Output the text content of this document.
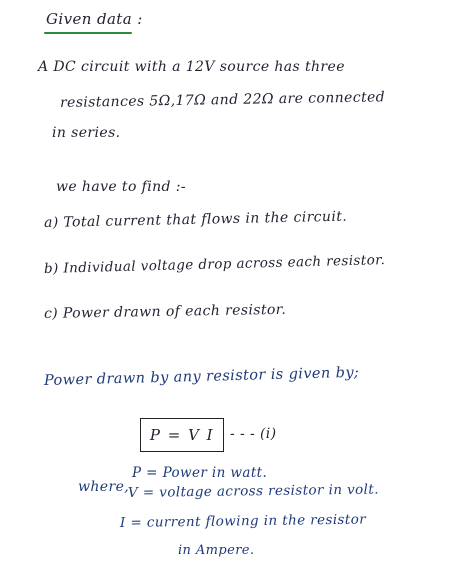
Given data :
A DC circuit with a 12V source has three
resistances 5Ω,17Ω and 22Ω are connected
in series.
we have to find :-
a) Total current that flows in the circuit.
b) Individual voltage drop across each resistor.
c) Power drawn of each resistor.
Power drawn by any resistor is given by;
P = V I - - - (i)
where,
P = Power in watt.
V = voltage across resistor in volt.
I = current flowing in the resistor
in Ampere.
